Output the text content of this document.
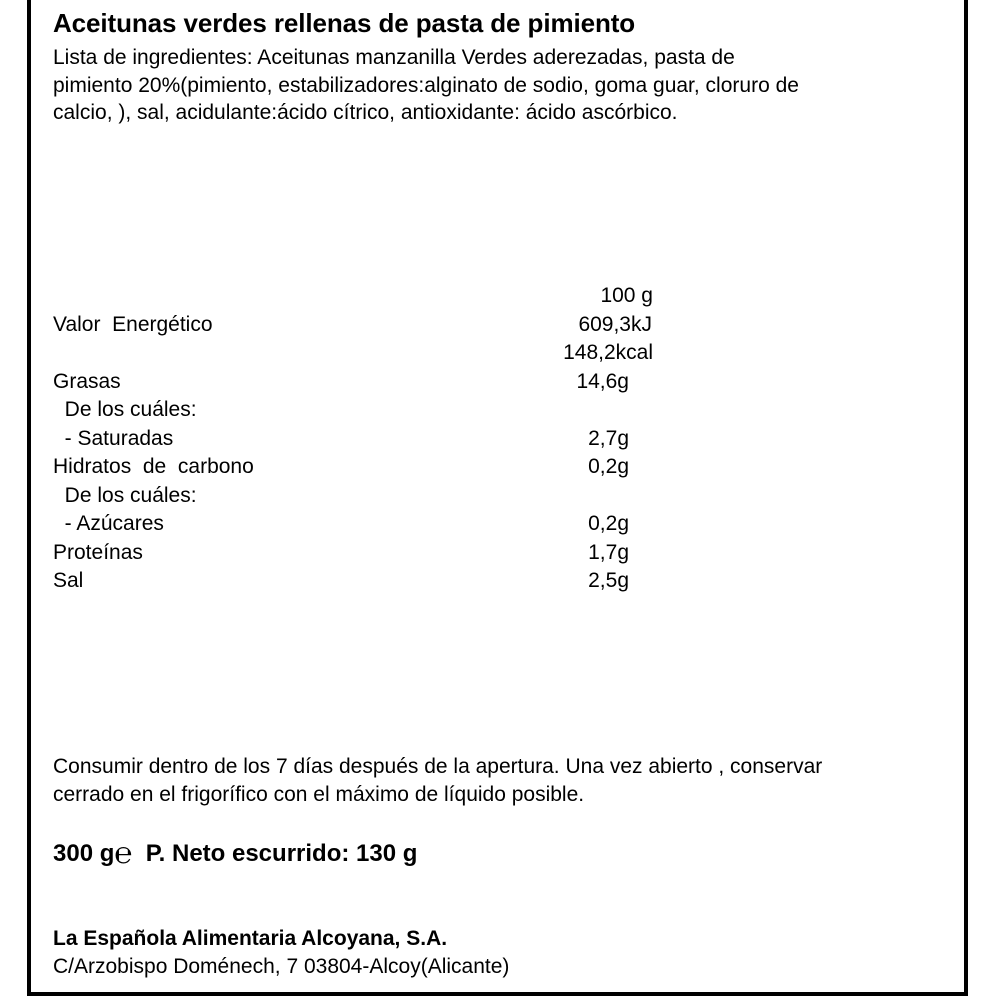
Aceitunas verdes rellenas de pasta de pimiento

Lista de ingredientes: Aceitunas manzanilla Verdes aderezadas, pasta de
pimiento 20%(pimiento, estabilizadores:alginato de sodio, goma guar, cloruro de
calcio, ), sal, acidulante:ácido cítrico, antioxidante: ácido ascórbico.

	100 g
Valor  Energético	609,3kJ
	148,2kcal
Grasas	14,6g
De los cuáles:	
- Saturadas	2,7g
Hidratos  de  carbono	0,2g
De los cuáles:	
- Azúcares	0,2g
Proteínas	1,7g
Sal	2,5g
Consumir dentro de los 7 días después de la apertura. Una vez abierto , conservar
cerrado en el frigorífico con el máximo de líquido posible.
300 g℮ P. Neto escurrido: 130 g
La Española Alimentaria Alcoyana, S.A.
C/Arzobispo Doménech, 7 03804-Alcoy(Alicante)
